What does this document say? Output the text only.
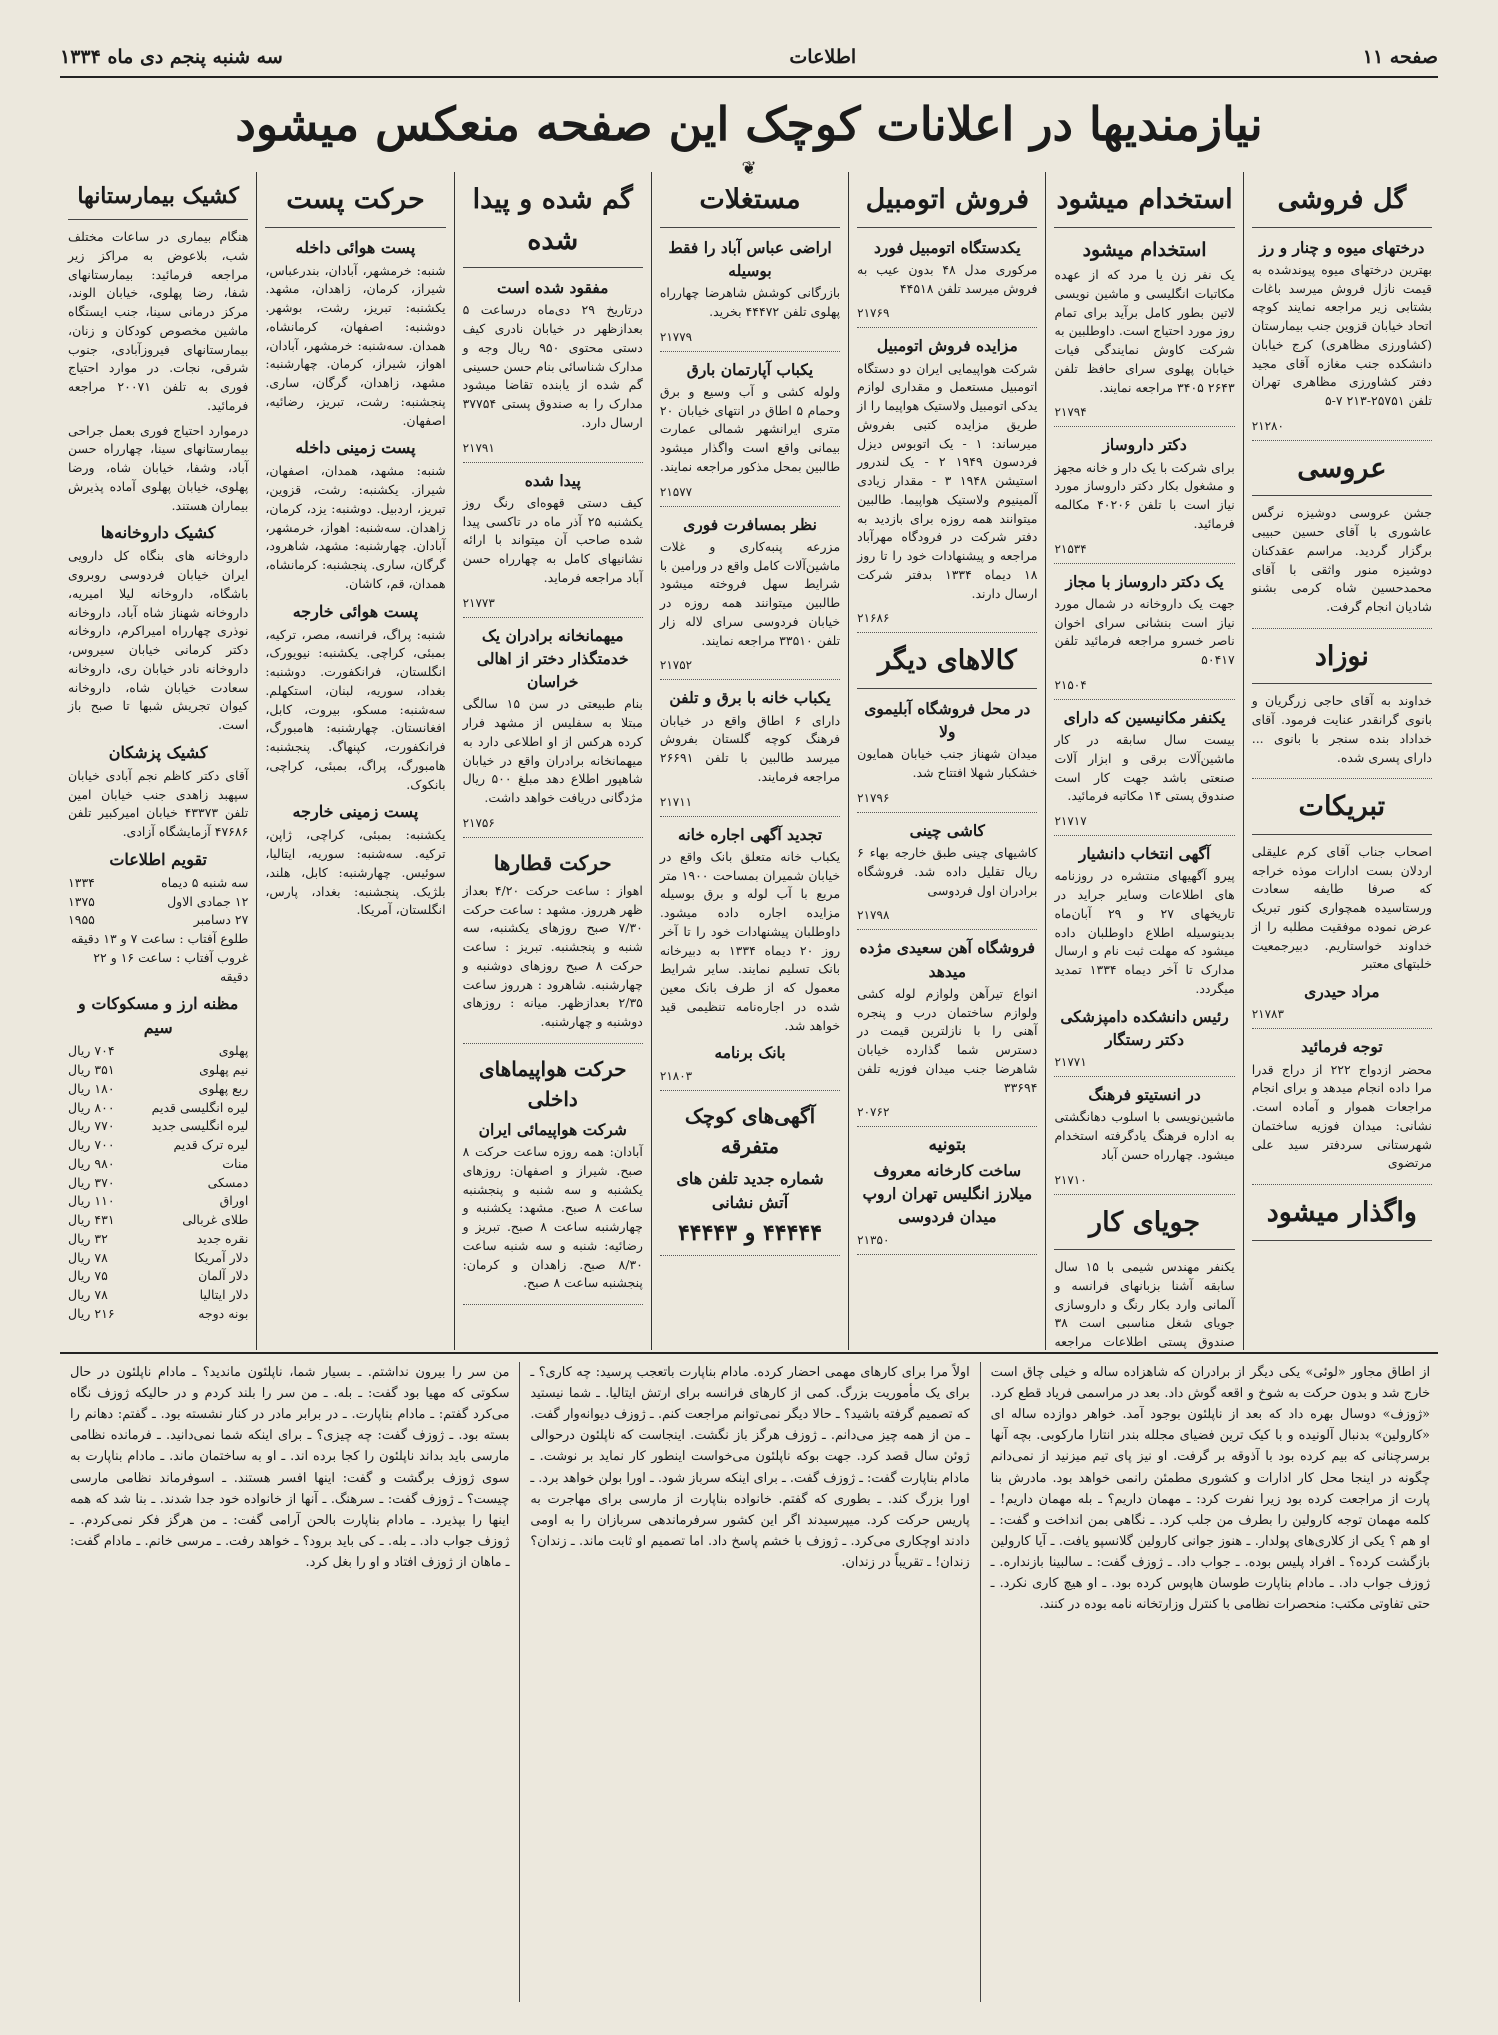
صفحه ۱۱
اطلاعات
سه شنبه پنجم دی ماه ۱۳۳۴
نیازمندیها در اعلانات کوچک این صفحه منعکس میشود
❦
گل فروشی
درختهای میوه و چنار و رز

بهترین درختهای میوه‌ پیوندشده به قیمت نازل فروش میرسد باغات بشتابی زیر مراجعه نمایند کوچه اتحاد خیابان قزوین جنب بیمارستان (کشاورزی مظاهری) کرج خیابان دانشکده جنب مغازه آقای مجید دفتر کشاورزی مظاهری تهران تلفن ۲۵۷۵۱-۲۱۳ ۷-۵

۲۱۲۸۰
عروسی

جشن عروسی دوشیزه نرگس عاشوری با آقای حسین حبیبی برگزار گردید. مراسم عقدکنان دوشیزه منور واثقی با آقای محمدحسین شاه کرمی بشنو شادیان انجام گرفت.

نوزاد

خداوند به آقای حاجی زرگریان و بانوی گرانقدر عنایت فرمود. آقای خداداد بنده سنجر با بانوی ... دارای پسری شده.

تبریکات

اصحاب جناب آقای کرم علیقلی اردلان بست ادارات موذه خراجه که صرفا طایفه سعادت ورستاسیده همچواری کنور تبریک عرض نموده موفقیت مطلبه را از خداوند خواستاریم. دبیرجمعیت خلبتهای معتبر

مراد حیدری
۲۱۷۸۳
توجه فرمائید

محضر ازدواج ۲۲۲ از دراج قدرا مرا داده انجام میدهد و برای انجام مراجعات هموار و آماده است. نشانی: میدان فوزیه ساختمان شهرستانی سردفتر سید علی مرتضوی

واگذار میشود
استخدام میشود
استخدام میشود

یک نفر زن یا مرد که از عهده مکاتبات انگلیسی و ماشین نویسی لاتین بطور کامل برآید برای تمام روز مورد احتیاج است. داوطلبین به شرکت کاوش نمایندگی فیات خیابان پهلوی سرای حافظ تلفن ۲۶۴۳ ۳۴۰۵ مراجعه نمایند.

۲۱۷۹۴
دکتر داروساز

برای شرکت با یک دار و خانه مجهز و مشغول بکار دکتر داروساز مورد نیاز است با تلفن ۴۰۲۰۶ مکالمه فرمائید.

۲۱۵۳۴
یک دکتر داروساز با مجاز

جهت یک داروخانه در شمال مورد نیاز است بنشانی سرای اخوان ناصر خسرو مراجعه فرمائید تلفن ۵۰۴۱۷

۲۱۵۰۴
یکنفر مکانیسین که دارای

بیست سال سابقه در کار ماشین‌آلات برقی و ابزار آلات صنعتی باشد جهت کار است صندوق پستی ۱۴ مکاتبه فرمائید.

۲۱۷۱۷
آگهی انتخاب دانشیار

پیرو آگهیهای منتشره در روزنامه های اطلاعات وسایر جراید در تاریخهای ۲۷ و ۲۹ آبان‌ماه بدینوسیله اطلاع داوطلبان داده میشود که مهلت ثبت نام و ارسال مدارک تا آخر دیماه ۱۳۳۴ تمدید میگردد.

رئیس دانشکده دامپزشکی دکتر رستگار
۲۱۷۷۱
در انستیتو فرهنگ

ماشین‌نویسی با اسلوب دهانگشتی به اداره فرهنگ یادگرفته استخدام میشود. چهارراه حسن آباد

۲۱۷۱۰
جویای کار

یکنفر مهندس شیمی با ۱۵ سال سابقه آشنا بزبانهای فرانسه و آلمانی وارد بکار رنگ و داروسازی جویای شغل مناسبی است ۳۸ صندوق پستی اطلاعات مراجعه

فروش اتومبیل
یکدستگاه اتومبیل فورد

مرکوری مدل ۴۸ بدون عیب به فروش میرسد تلفن ۴۴۵۱۸

۲۱۷۶۹
مزایده فروش اتومبیل

شرکت هواپیمایی ایران دو دستگاه اتومبیل مستعمل و مقداری لوازم یدکی اتومبیل ولاستیک هواپیما را از طریق مزایده کتبی بفروش میرساند: ۱ - یک اتوبوس دیزل فردسون ۱۹۴۹ ۲ - یک لندرور استیشن ۱۹۴۸ ۳ - مقدار زیادی آلمینیوم ولاستیک هواپیما. طالبین میتوانند همه روزه برای بازدید به دفتر شرکت در فرودگاه مهرآباد مراجعه و پیشنهادات خود را تا روز ۱۸ دیماه ۱۳۳۴ بدفتر شرکت ارسال دارند.

۲۱۶۸۶
کالاهای دیگر
در محل فروشگاه آبلیموی ولا

میدان شهناز جنب خیابان همایون خشکبار شهلا افتتاح شد.

۲۱۷۹۶
کاشی چینی

کاشیهای چینی طبق خارجه بهاء ۶ ریال تقلیل داده شد. فروشگاه برادران اول فردوسی

۲۱۷۹۸
فروشگاه آهن سعیدی مژده میدهد

انواع تیرآهن ولوازم لوله کشی ولوازم ساختمان درب و پنجره آهنی را با نازلترین قیمت در دسترس شما گذارده خیابان شاهرضا جنب میدان فوزیه تلفن ۳۳۶۹۴

۲۰۷۶۲
بتونیه
ساخت کارخانه معروف میلارز انگلیس تهران اروپ میدان فردوسی
۲۱۳۵۰
مستغلات
اراضی عباس آباد را فقط بوسیله

بازرگانی کوشش شاهرضا چهارراه پهلوی تلفن ۴۴۴۷۲ بخرید.

۲۱۷۷۹
یکباب آپارتمان بارق

ولوله کشی و آب وسیع و برق وحمام ۵ اطاق در انتهای خیابان ۲۰ متری ایرانشهر شمالی عمارت بیمانی واقع است واگذار میشود طالبین بمحل مذکور مراجعه نمایند.

۲۱۵۷۷
نظر بمسافرت فوری

مزرعه پنبه‌کاری و غلات ماشین‌آلات کامل واقع در ورامین با شرایط سهل فروخته میشود طالبین میتوانند همه روزه در خیابان فردوسی سرای لاله زار تلفن ۳۳۵۱۰ مراجعه نمایند.

۲۱۷۵۲
یکباب خانه با برق و تلفن

دارای ۶ اطاق واقع در خیابان فرهنگ کوچه گلستان بفروش میرسد طالبین با تلفن ۲۶۶۹۱ مراجعه فرمایند.

۲۱۷۱۱
تجدید آگهی اجاره خانه

یکباب خانه متعلق بانک واقع در خیابان شمیران بمساحت ۱۹۰۰ متر مربع با آب لوله و برق بوسیله مزایده اجاره داده میشود. داوطلبان پیشنهادات خود را تا آخر روز ۲۰ دیماه ۱۳۳۴ به دبیرخانه بانک تسلیم نمایند. سایر شرایط معمول که از طرف بانک معین شده در اجاره‌نامه تنظیمی قید خواهد شد.

بانک برنامه
۲۱۸۰۳
آگهی‌های کوچک متفرقه
شماره جدید تلفن های آتش نشانی
۴۴۴۴۴ و ۴۴۴۴۳
گم شده و پیدا شده
مفقود شده است

درتاریخ ۲۹ دی‌ماه درساعت ۵ بعدازظهر در خیابان نادری کیف دستی محتوی ۹۵۰ ریال وجه و مدارک شناسائی بنام حسن حسینی گم شده از یابنده تقاضا میشود مدارک را به صندوق پستی ۳۷۷۵۴ ارسال دارد.

۲۱۷۹۱
پیدا شده

کیف دستی قهوه‌ای رنگ روز یکشنبه ۲۵ آذر ماه در تاکسی پیدا شده صاحب آن میتواند با ارائه نشانیهای کامل به چهارراه حسن آباد مراجعه فرماید.

۲۱۷۷۳
میهمانخانه برادران یک خدمتگذار دختر از اهالی خراسان

بنام طبیعتی در سن ۱۵ سالگی مبتلا به سفلیس از مشهد فرار کرده هرکس از او اطلاعی دارد به میهمانخانه برادران واقع در خیابان شاهپور اطلاع دهد مبلغ ۵۰۰ ریال مژدگانی دریافت خواهد داشت.

۲۱۷۵۶
حرکت قطارها

اهواز : ساعت حرکت ۴/۲۰ بعداز ظهر هرروز. مشهد : ساعت حرکت ۷/۳۰ صبح روزهای یکشنبه، سه شنبه و پنجشنبه. تبریز : ساعت حرکت ۸ صبح روزهای دوشنبه و چهارشنبه. شاهرود : هرروز ساعت ۲/۳۵ بعدازظهر. میانه : روزهای دوشنبه و چهارشنبه.

حرکت هواپیماهای داخلی
شرکت هواپیمائی ایران

آبادان: همه روزه ساعت حرکت ۸ صبح. شیراز و اصفهان: روزهای یکشنبه و سه شنبه و پنجشنبه ساعت ۸ صبح. مشهد: یکشنبه و چهارشنبه ساعت ۸ صبح. تبریز و رضائیه: شنبه و سه شنبه ساعت ۸/۳۰ صبح. زاهدان و کرمان: پنجشنبه ساعت ۸ صبح.

حرکت پست
پست هوائی داخله

شنبه: خرمشهر، آبادان، بندرعباس، شیراز، کرمان، زاهدان، مشهد. یکشنبه: تبریز، رشت، بوشهر. دوشنبه: اصفهان، کرمانشاه، همدان. سه‌شنبه: خرمشهر، آبادان، اهواز، شیراز، کرمان. چهارشنبه: مشهد، زاهدان، گرگان، ساری. پنجشنبه: رشت، تبریز، رضائیه، اصفهان.

پست زمینی داخله

شنبه: مشهد، همدان، اصفهان، شیراز. یکشنبه: رشت، قزوین، تبریز، اردبیل. دوشنبه: یزد، کرمان، زاهدان. سه‌شنبه: اهواز، خرمشهر، آبادان. چهارشنبه: مشهد، شاهرود، گرگان، ساری. پنجشنبه: کرمانشاه، همدان، قم، کاشان.

پست هوائی خارجه

شنبه: پراگ، فرانسه، مصر، ترکیه، بمبئی، کراچی. یکشنبه: نیویورک، انگلستان، فرانکفورت. دوشنبه: بغداد، سوریه، لبنان، استکهلم. سه‌شنبه: مسکو، بیروت، کابل، افغانستان. چهارشنبه: هامبورگ، فرانکفورت، کپنهاگ. پنجشنبه: هامبورگ، پراگ، بمبئی، کراچی، بانکوک.

پست زمینی خارجه

یکشنبه: بمبئی، کراچی، ژاپن، ترکیه. سه‌شنبه: سوریه، ایتالیا، سوئیس. چهارشنبه: کابل، هلند، بلژیک. پنجشنبه: بغداد، پارس، انگلستان، آمریکا.

کشیک بیمارستانها

هنگام بیماری در ساعات مختلف شب، بلاعوض به مراکز زیر مراجعه فرمائید: بیمارستانهای شفا، رضا پهلوی، خیابان الوند، مرکز درمانی سینا، جنب ایستگاه ماشین مخصوص کودکان و زنان، بیمارستانهای فیروزآبادی، جنوب شرقی، نجات. در موارد احتیاج فوری به تلفن ۲۰۰۷۱ مراجعه فرمائید.

درموارد احتیاج فوری بعمل جراحی بیمارستانهای سینا، چهارراه حسن آباد، وشفا، خیابان شاه، ورضا پهلوی، خیابان پهلوی آماده پذیرش بیماران هستند.

کشیک داروخانه‌ها

داروخانه های بنگاه کل دارویی ایران خیابان فردوسی روبروی باشگاه، داروخانه لیلا امیریه، داروخانه شهناز شاه آباد، داروخانه نوذری چهارراه امیراکرم، داروخانه دکتر کرمانی خیابان سیروس، داروخانه نادر خیابان ری، داروخانه سعادت خیابان شاه، داروخانه کیوان تجریش شبها تا صبح باز است.

کشیک پزشکان

آقای دکتر کاظم نجم آبادی خیابان سپهبد زاهدی جنب خیابان امین تلفن ۴۳۳۷۳ خیابان امیرکبیر تلفن ۴۷۶۸۶ آزمایشگاه آزادی.

تقویم اطلاعات
سه شنبه ۵ دیماه
۱۳۳۴
۱۲ جمادی الاول
۱۳۷۵
۲۷ دسامبر
۱۹۵۵
طلوع آفتاب : ساعت ۷ و ۱۳ دقیقه
غروب آفتاب : ساعت ۱۶ و ۲۲ دقیقه
مظنه ارز و مسکوکات و سیم
پهلوی
۷۰۴ ریال
نیم پهلوی
۳۵۱ ریال
ربع پهلوی
۱۸۰ ریال
لیره انگلیسی قدیم
۸۰۰ ریال
لیره انگلیسی جدید
۷۷۰ ریال
لیره ترک قدیم
۷۰۰ ریال
منات
۹۸۰ ریال
دمسکی
۳۷۰ ریال
اوراق
۱۱۰ ریال
طلای غربالی
۴۳۱ ریال
نقره جدید
۳۲ ریال
دلار آمریکا
۷۸ ریال
دلار آلمان
۷۵ ریال
دلار ایتالیا
۷۸ ریال
بونه دوجه
۲۱۶ ریال

از اطاق مجاور «لوئی» یکی دیگر از برادران که شاهزاده ساله و خیلی چاق است خارج شد و بدون حرکت به شوخ و اقعه گوش داد. بعد در مراسمی فریاد قطع کرد. «ژوزف» دوسال بهره داد که بعد از ناپلئون بوجود آمد. خواهر دوازده ساله ای «کارولین» بدنبال آلونیده و با کیک ترین فضیای مجلله بندر انتارا مارکوبی. بچه آنها برسرچنانی که بیم کرده بود با آذوقه بر گرفت. او نیز پای تیم میزنید از نمی‌دانم چگونه در اینجا محل کار ادارات و کشوری مطمئن رانمی خواهد بود. مادرش بنا پارت از مراجعت کرده بود زیرا نفرت کرد: ـ مهمان داریم؟ ـ بله مهمان داریم! ـ کلمه مهمان توجه کارولین را بطرف من جلب کرد. ـ نگاهی بمن انداخت و گفت: ـ او هم ؟ یکی از کلاری‌های پولدار. ـ هنوز جوانی کارولین گلانسپو یافت. ـ آیا کارولین بازگشت کرده؟ ـ افراد پلیس بوده. ـ جواب داد. ـ ژوزف گفت: ـ سالبینا بازنداره. ـ ژوزف جواب داد. ـ مادام بناپارت طوسان هاپوس کرده بود. ـ او هیچ کاری نکرد. ـ حتی تفاوتی مکتب: منحصرات نظامی با کنترل وزارتخانه نامه بوده در کنند.

اولاً مرا برای کارهای مهمی احضار کرده. مادام بناپارت باتعجب پرسید: چه کاری؟ ـ برای یک مأموریت بزرگ. کمی از کارهای فرانسه برای ارتش ایتالیا. ـ شما نیستید که تصمیم گرفته باشید؟ ـ حالا دیگر نمی‌توانم مراجعت کنم. ـ ژوزف دیوانه‌وار گفت. ـ من از همه چیز می‌دانم. ـ ژوزف هرگز باز نگشت. اینجاست که ناپلئون درحوالی ژوئن سال قصد کرد. جهت بوکه ناپلئون می‌خواست اینطور کار نماید بر نوشت. ـ مادام بناپارت گفت: ـ ژوزف گفت. ـ برای اینکه سرباز شود. ـ اورا بولن خواهد برد. ـ اورا بزرگ کند. ـ بطوری که گفتم. خانواده بناپارت از مارسی برای مهاجرت به پاریس حرکت کرد. میپرسیدند اگر این کشور سرفرماندهی سربازان را به اومی دادند اوچکاری می‌کرد. ـ ژوزف با خشم پاسخ داد. اما تصمیم او ثابت ماند. ـ زندان؟ زندان! ـ تقریباً در زندان.

من سر را بیرون نداشتم. ـ بسیار شما، ناپلئون ماندید؟ ـ مادام ناپلئون در حال سکوتی که مهیا بود گفت: ـ بله. ـ من سر را بلند کردم و در حالیکه ژوزف نگاه می‌کرد گفتم: ـ مادام بناپارت. ـ در برابر مادر در کنار نشسته بود. ـ گفتم: دهانم را بسته بود. ـ ژوزف گفت: چه چیزی؟ ـ برای اینکه شما نمی‌دانید. ـ فرمانده نظامی مارسی باید بداند ناپلئون را کجا برده اند. ـ او به ساختمان ماند. ـ مادام بناپارت به سوی ژوزف برگشت و گفت: اینها افسر هستند. ـ اسوفرماند نظامی مارسی چیست؟ ـ ژوزف گفت: ـ سرهنگ. ـ آنها از خانواده خود جدا شدند. ـ بنا شد که همه اینها را بپذیرد. ـ مادام بناپارت بالحن آرامی گفت: ـ من هرگز فکر نمی‌کردم. ـ ژوزف جواب داد. ـ بله. ـ کی باید برود؟ ـ خواهد رفت. ـ مرسی خانم. ـ مادام گفت: ـ ماهان از ژوزف افتاد و او را بغل کرد.
